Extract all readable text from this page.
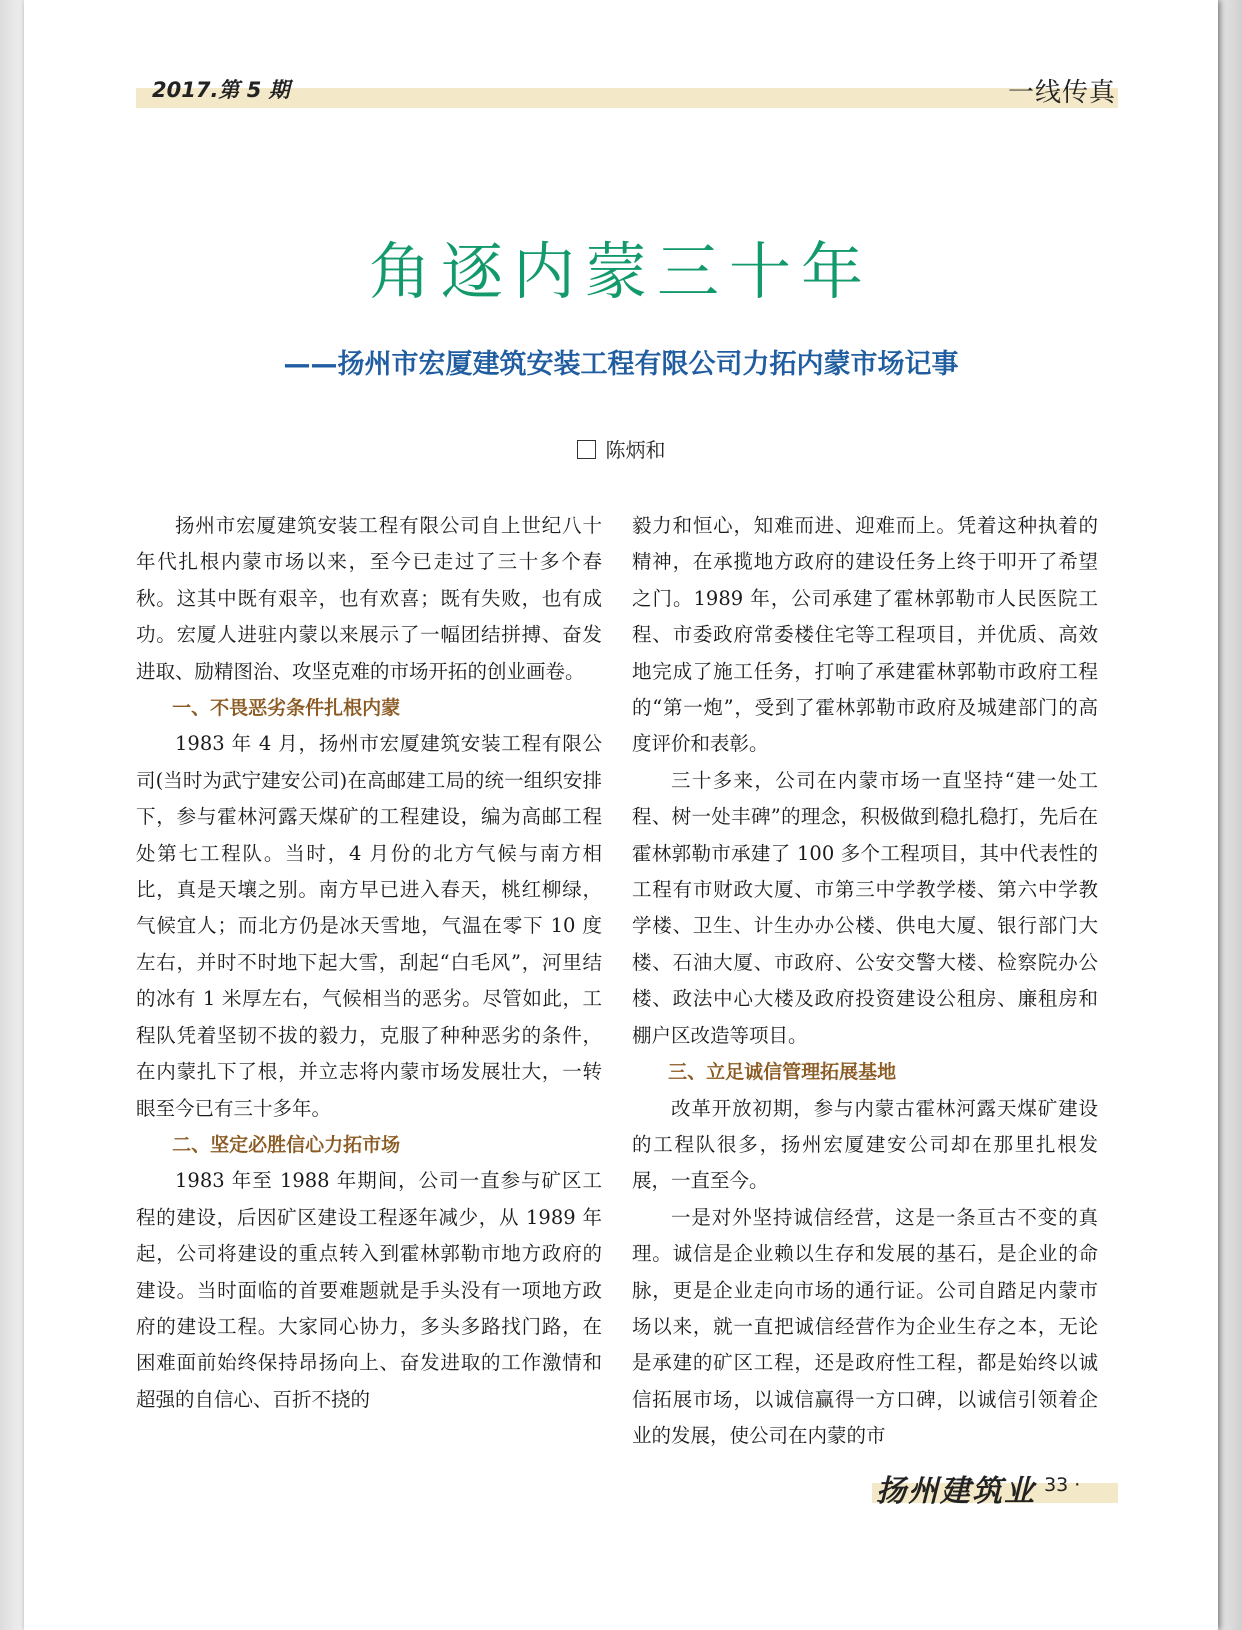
2017.第 5 期	一线传真
角逐内蒙三十年
——扬州市宏厦建筑安装工程有限公司力拓内蒙市场记事
陈炳和

扬州市宏厦建筑安装工程有限公司自上世纪八十年代扎根内蒙市场以来，至今已走过了三十多个春秋。这其中既有艰辛，也有欢喜；既有失败，也有成功。宏厦人进驻内蒙以来展示了一幅团结拼搏、奋发进取、励精图治、攻坚克难的市场开拓的创业画卷。

一、不畏恶劣条件扎根内蒙

1983 年 4 月，扬州市宏厦建筑安装工程有限公司(当时为武宁建安公司)在高邮建工局的统一组织安排下，参与霍林河露天煤矿的工程建设，编为高邮工程处第七工程队。当时，4 月份的北方气候与南方相比，真是天壤之别。南方早已进入春天，桃红柳绿，气候宜人；而北方仍是冰天雪地，气温在零下 10 度左右，并时不时地下起大雪，刮起“白毛风”，河里结的冰有 1 米厚左右，气候相当的恶劣。尽管如此，工程队凭着坚韧不拔的毅力，克服了种种恶劣的条件，在内蒙扎下了根，并立志将内蒙市场发展壮大，一转眼至今已有三十多年。

二、坚定必胜信心力拓市场

1983 年至 1988 年期间，公司一直参与矿区工程的建设，后因矿区建设工程逐年减少，从 1989 年起，公司将建设的重点转入到霍林郭勒市地方政府的建设。当时面临的首要难题就是手头没有一项地方政府的建设工程。大家同心协力，多头多路找门路，在困难面前始终保持昂扬向上、奋发进取的工作激情和超强的自信心、百折不挠的

毅力和恒心，知难而进、迎难而上。凭着这种执着的精神，在承揽地方政府的建设任务上终于叩开了希望之门。1989 年，公司承建了霍林郭勒市人民医院工程、市委政府常委楼住宅等工程项目，并优质、高效地完成了施工任务，打响了承建霍林郭勒市政府工程的“第一炮”，受到了霍林郭勒市政府及城建部门的高度评价和表彰。

三十多来，公司在内蒙市场一直坚持“建一处工程、树一处丰碑”的理念，积极做到稳扎稳打，先后在霍林郭勒市承建了 100 多个工程项目，其中代表性的工程有市财政大厦、市第三中学教学楼、第六中学教学楼、卫生、计生办办公楼、供电大厦、银行部门大楼、石油大厦、市政府、公安交警大楼、检察院办公楼、政法中心大楼及政府投资建设公租房、廉租房和棚户区改造等项目。

三、立足诚信管理拓展基地

改革开放初期，参与内蒙古霍林河露天煤矿建设的工程队很多，扬州宏厦建安公司却在那里扎根发展，一直至今。

一是对外坚持诚信经营，这是一条亘古不变的真理。诚信是企业赖以生存和发展的基石，是企业的命脉，更是企业走向市场的通行证。公司自踏足内蒙市场以来，就一直把诚信经营作为企业生存之本，无论是承建的矿区工程，还是政府性工程，都是始终以诚信拓展市场，以诚信赢得一方口碑，以诚信引领着企业的发展，使公司在内蒙的市

扬州建筑业
· 33 ·
